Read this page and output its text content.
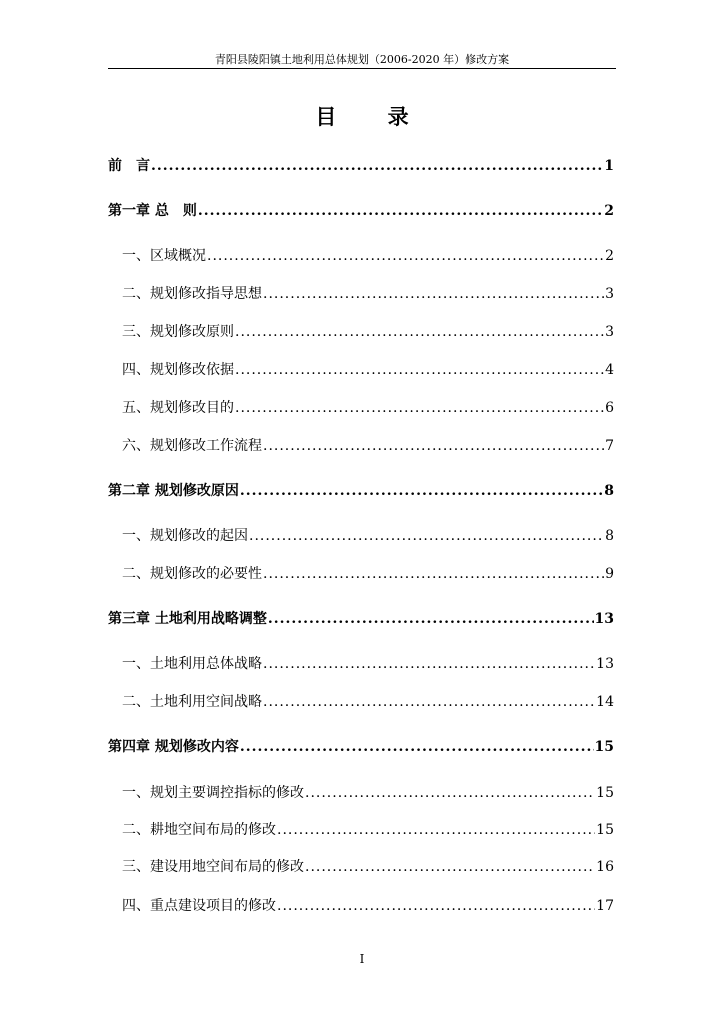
青阳县陵阳镇土地利用总体规划（2006-2020 年）修改方案
目 录
前　言 .....	1
第一章 总　则 .....	2
一、区域概况 .....	2
二、规划修改指导思想 .....	3
三、规划修改原则 .....	3
四、规划修改依据 .....	4
五、规划修改目的 .....	6
六、规划修改工作流程 .....	7
第二章 规划修改原因 .....	8
一、规划修改的起因 .....	8
二、规划修改的必要性 .....	9
第三章 土地利用战略调整 .....	13
一、土地利用总体战略 .....	13
二、土地利用空间战略 .....	14
第四章 规划修改内容 .....	15
一、规划主要调控指标的修改 .....	15
二、耕地空间布局的修改 .....	15
三、建设用地空间布局的修改 .....	16
四、重点建设项目的修改 .....	17
I
